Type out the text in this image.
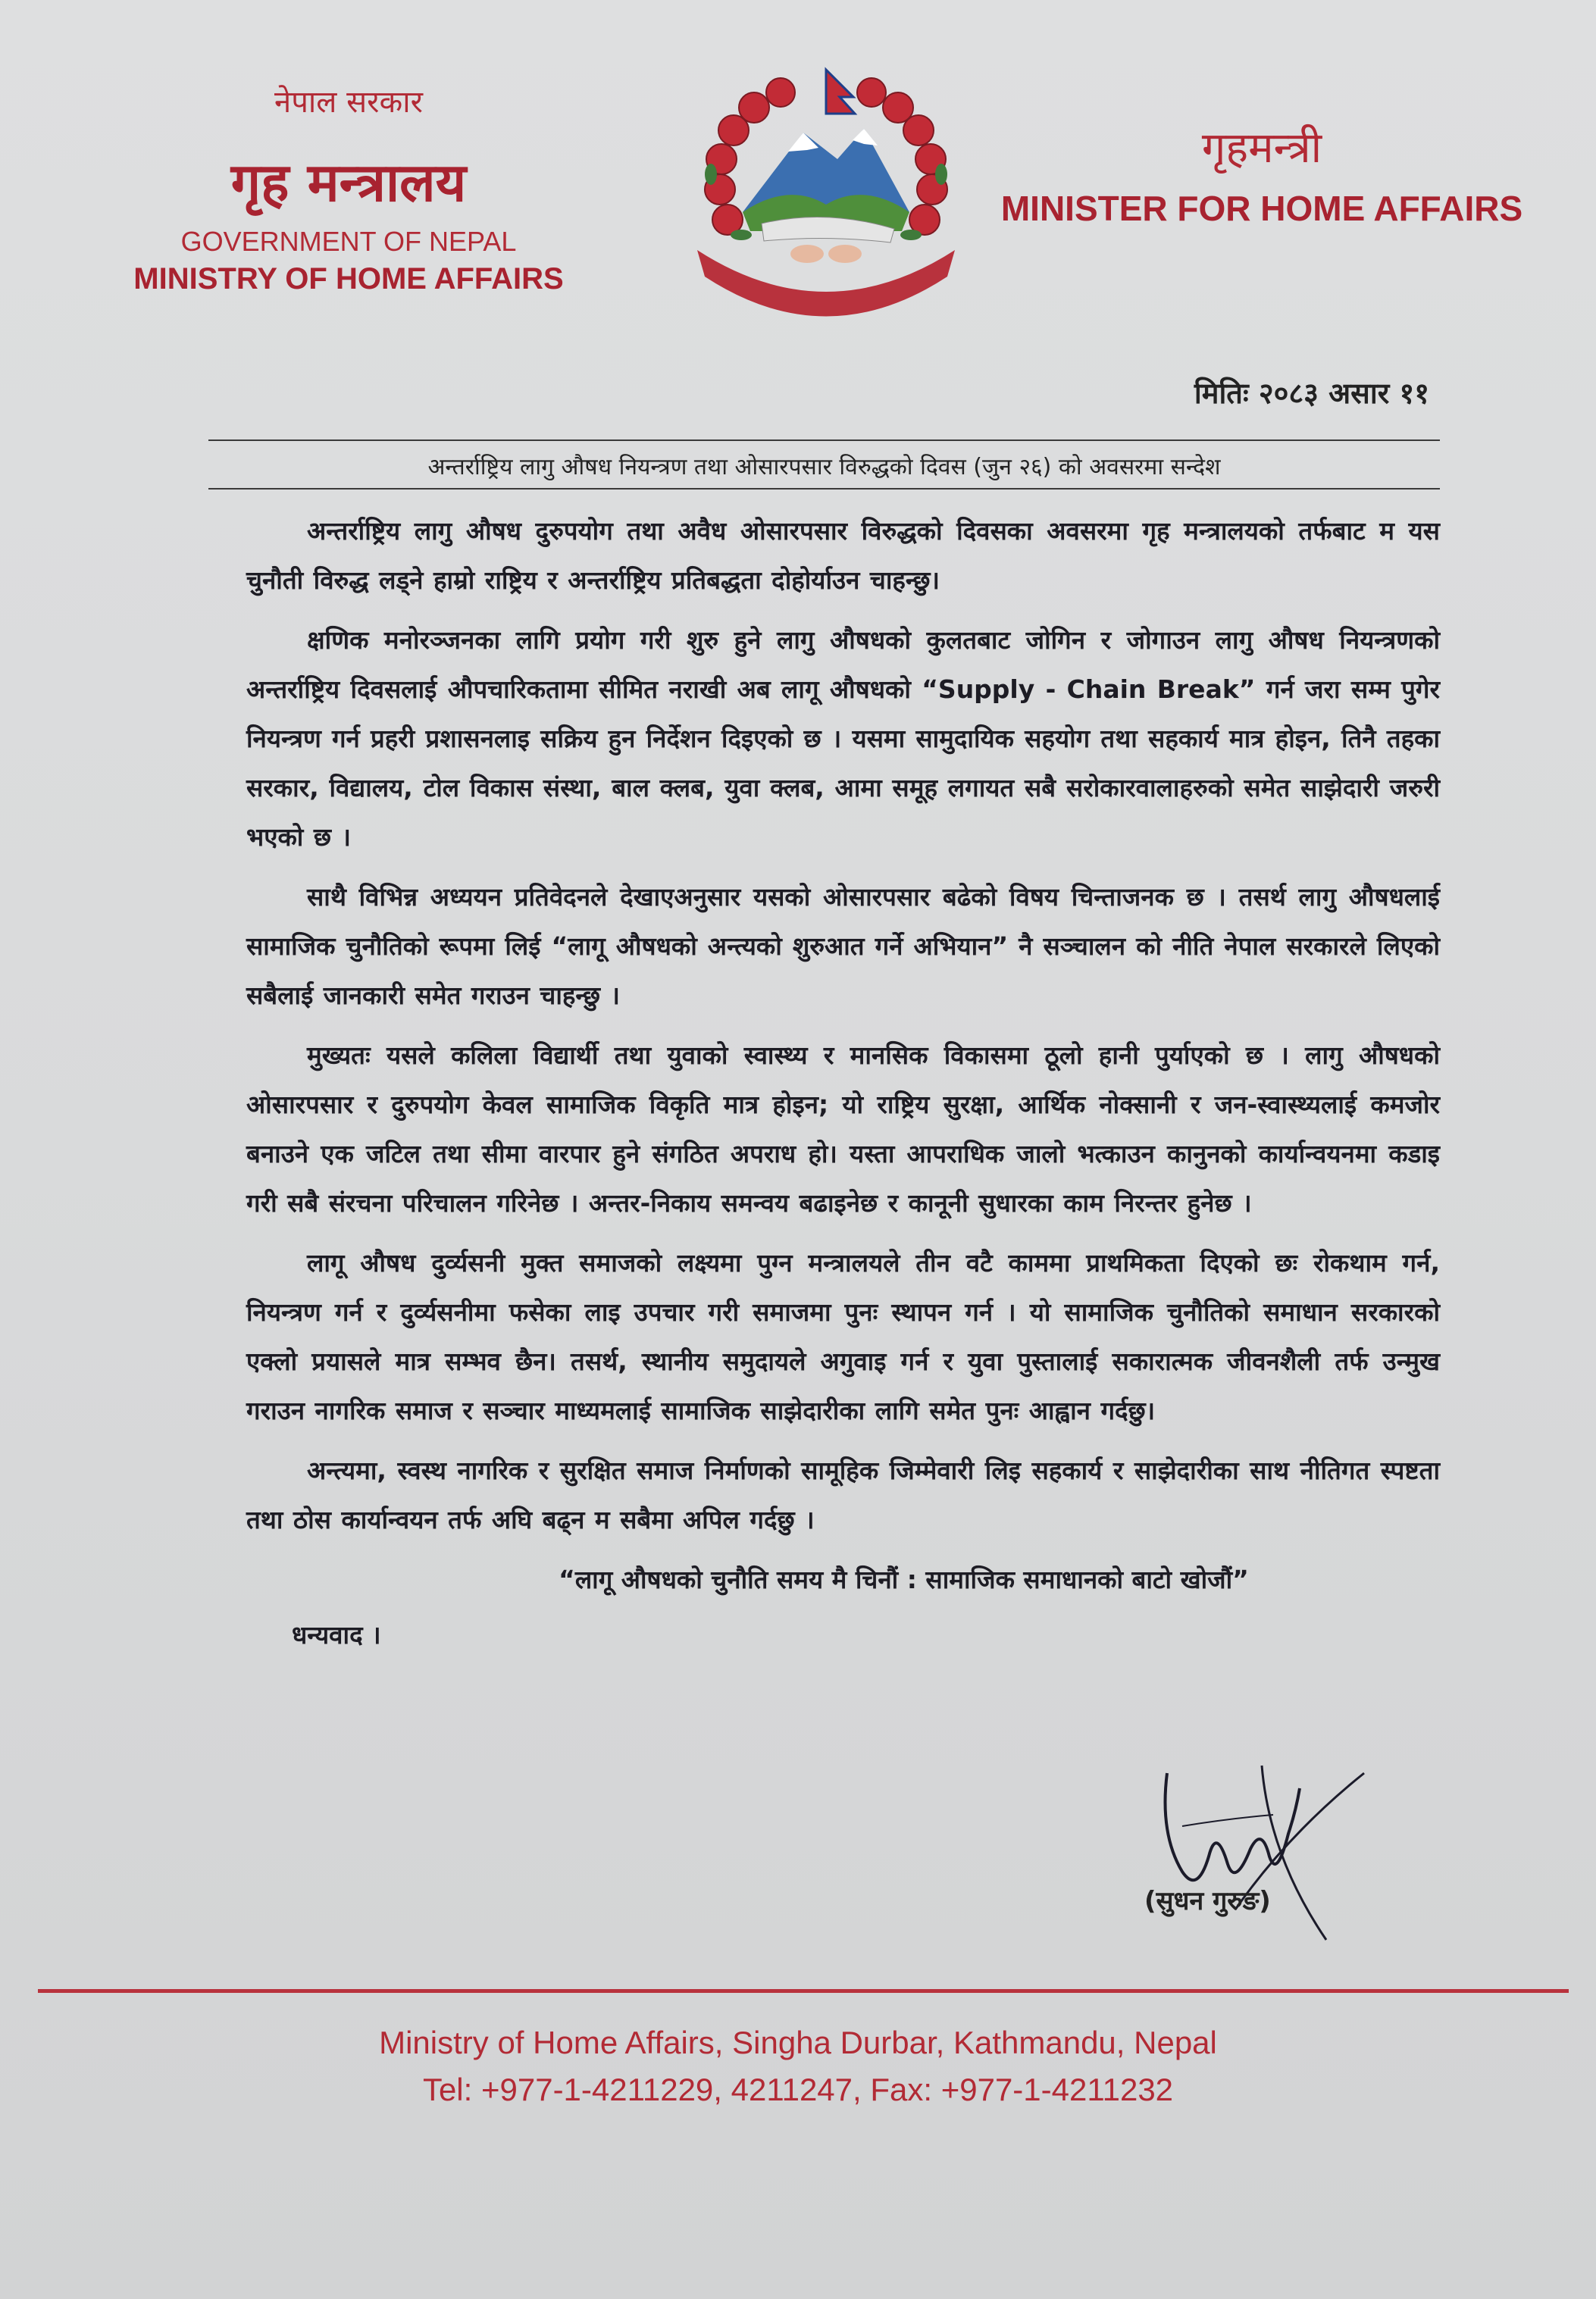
नेपाल सरकार
गृह मन्त्रालय
GOVERNMENT OF NEPAL
MINISTRY OF HOME AFFAIRS
गृहमन्त्री
MINISTER FOR HOME AFFAIRS
मितिः २०८३ असार ११
अन्तर्राष्ट्रिय लागु औषध नियन्त्रण तथा ओसारपसार विरुद्धको दिवस (जुन २६) को अवसरमा सन्देश

अन्तर्राष्ट्रिय लागु औषध दुरुपयोग तथा अवैध ओसारपसार विरुद्धको दिवसका अवसरमा गृह मन्त्रालयको तर्फबाट म यस चुनौती विरुद्ध लड्ने हाम्रो राष्ट्रिय र अन्तर्राष्ट्रिय प्रतिबद्धता दोहोर्याउन चाहन्छु।

क्षणिक मनोरञ्जनका लागि प्रयोग गरी शुरु हुने लागु औषधको कुलतबाट जोगिन र जोगाउन लागु औषध नियन्त्रणको अन्तर्राष्ट्रिय दिवसलाई औपचारिकतामा सीमित नराखी अब लागू औषधको “Supply - Chain Break” गर्न जरा सम्म पुगेर नियन्त्रण गर्न प्रहरी प्रशासनलाइ सक्रिय हुन निर्देशन दिइएको छ । यसमा सामुदायिक सहयोग तथा सहकार्य मात्र होइन, तिनै तहका सरकार, विद्यालय, टोल विकास संस्था, बाल क्लब, युवा क्लब, आमा समूह लगायत सबै सरोकारवालाहरुको समेत साझेदारी जरुरी भएको छ ।

साथै विभिन्न अध्ययन प्रतिवेदनले देखाएअनुसार यसको ओसारपसार बढेको विषय चिन्ताजनक छ । तसर्थ लागु औषधलाई सामाजिक चुनौतिको रूपमा लिई “लागू औषधको अन्त्यको शुरुआत गर्ने अभियान” नै सञ्चालन को नीति नेपाल सरकारले लिएको सबैलाई जानकारी समेत गराउन चाहन्छु ।

मुख्यतः यसले कलिला विद्यार्थी तथा युवाको स्वास्थ्य र मानसिक विकासमा ठूलो हानी पुर्याएको छ । लागु औषधको ओसारपसार र दुरुपयोग केवल सामाजिक विकृति मात्र होइन; यो राष्ट्रिय सुरक्षा, आर्थिक नोक्सानी र जन-स्वास्थ्यलाई कमजोर बनाउने एक जटिल तथा सीमा वारपार हुने संगठित अपराध हो। यस्ता आपराधिक जालो भत्काउन कानुनको कार्यान्वयनमा कडाइ गरी सबै संरचना परिचालन गरिनेछ । अन्तर-निकाय समन्वय बढाइनेछ र कानूनी सुधारका काम निरन्तर हुनेछ ।

लागू औषध दुर्व्यसनी मुक्त समाजको लक्ष्यमा पुग्न मन्त्रालयले तीन वटै काममा प्राथमिकता दिएको छः रोकथाम गर्न, नियन्त्रण गर्न र दुर्व्यसनीमा फसेका लाइ उपचार गरी समाजमा पुनः स्थापन गर्न । यो सामाजिक चुनौतिको समाधान सरकारको एक्लो प्रयासले मात्र सम्भव छैन। तसर्थ, स्थानीय समुदायले अगुवाइ गर्न र युवा पुस्तालाई सकारात्मक जीवनशैली तर्फ उन्मुख गराउन नागरिक समाज र सञ्चार माध्यमलाई सामाजिक साझेदारीका लागि समेत पुनः आह्वान गर्दछु।

अन्त्यमा, स्वस्थ नागरिक र सुरक्षित समाज निर्माणको सामूहिक जिम्मेवारी लिइ सहकार्य र साझेदारीका साथ नीतिगत स्पष्टता तथा ठोस कार्यान्वयन तर्फ अघि बढ्न म सबैमा अपिल गर्दछु ।

“लागू औषधको चुनौति समय मै चिनौं : सामाजिक समाधानको बाटो खोजौं”

धन्यवाद ।
(सुधन गुरुङ)
Ministry of Home Affairs, Singha Durbar, Kathmandu, Nepal
Tel: +977-1-4211229, 4211247, Fax: +977-1-4211232
